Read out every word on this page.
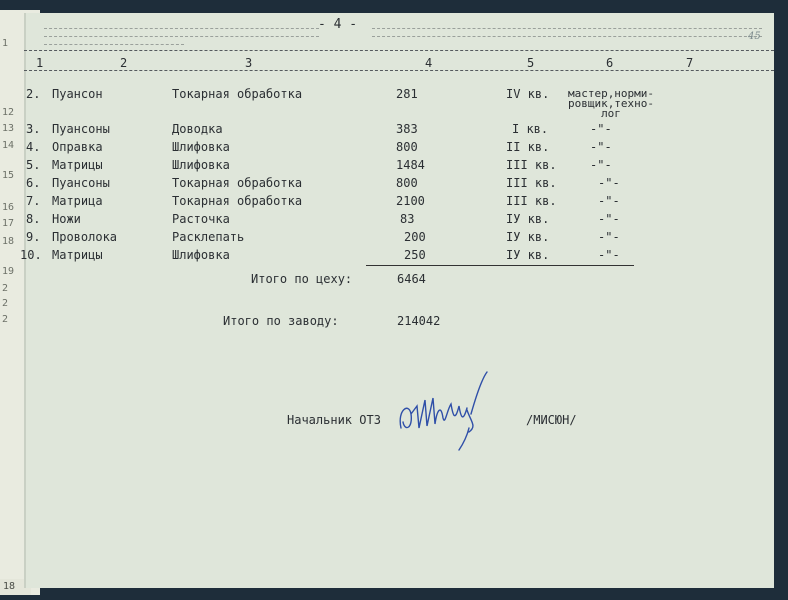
1
12
13
14
15
16
17
18
19
2
2
2
18
- 4 -
45
1	2	3	4	5	6	7
2. Пуансон	Токарная обработка	281	IV кв.	мастер,норми-
ровщик,техно-
лог
3. Пуансоны	Доводка	383	I кв.	-"-
4. Оправка	Шлифовка	800	II кв.	-"-
5. Матрицы	Шлифовка	1484	III кв.	-"-
6. Пуансоны	Токарная обработка	800	III кв.	-"-
7. Матрица	Токарная обработка	2100	III кв.	-"-
8. Ножи	Расточка	83	IУ кв.	-"-
9. Проволока	Расклепать	200	IУ кв.	-"-
10. Матрицы	Шлифовка	250	IУ кв.	-"-
Итого по цеху:	6464
Итого по заводу:	214042
Начальник ОТЗ	/МИСЮН/
